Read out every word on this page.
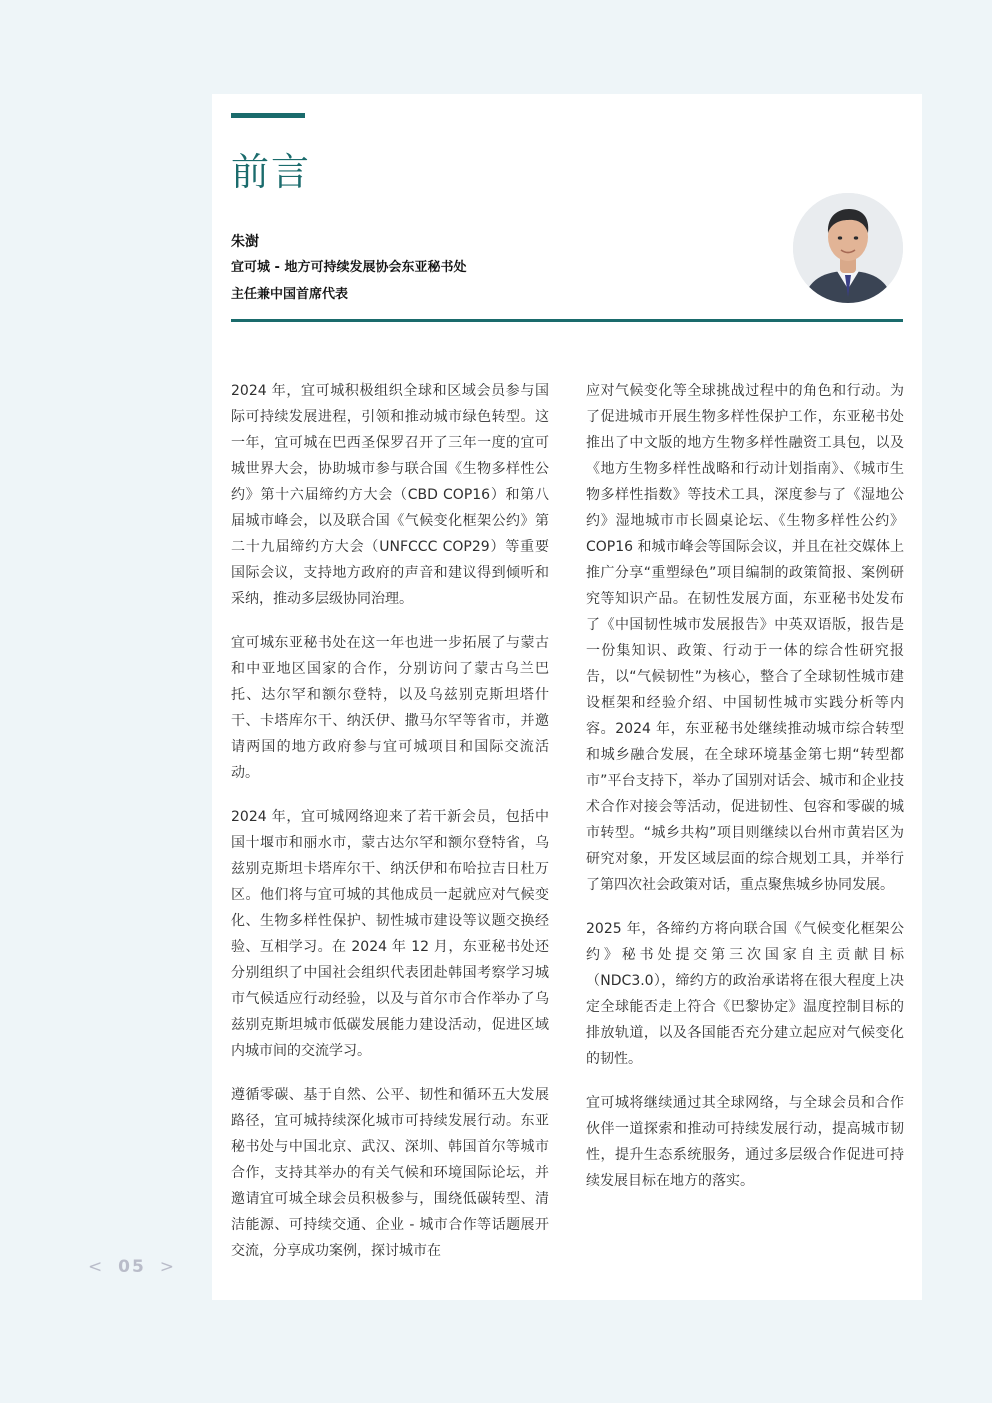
前言
朱澍
宜可城 - 地方可持续发展协会东亚秘书处
主任兼中国首席代表

2024 年，宜可城积极组织全球和区域会员参与国际可持续发展进程，引领和推动城市绿色转型。这一年，宜可城在巴西圣保罗召开了三年一度的宜可城世界大会，协助城市参与联合国《生物多样性公约》第十六届缔约方大会（CBD COP16）和第八届城市峰会，以及联合国《气候变化框架公约》第二十九届缔约方大会（UNFCCC COP29）等重要国际会议，支持地方政府的声音和建议得到倾听和采纳，推动多层级协同治理。

宜可城东亚秘书处在这一年也进一步拓展了与蒙古和中亚地区国家的合作，分别访问了蒙古乌兰巴托、达尔罕和额尔登特，以及乌兹别克斯坦塔什干、卡塔库尔干、纳沃伊、撒马尔罕等省市，并邀请两国的地方政府参与宜可城项目和国际交流活动。

2024 年，宜可城网络迎来了若干新会员，包括中国十堰市和丽水市，蒙古达尔罕和额尔登特省，乌兹别克斯坦卡塔库尔干、纳沃伊和布哈拉吉日杜万区。他们将与宜可城的其他成员一起就应对气候变化、生物多样性保护、韧性城市建设等议题交换经验、互相学习。在 2024 年 12 月，东亚秘书处还分别组织了中国社会组织代表团赴韩国考察学习城市气候适应行动经验，以及与首尔市合作举办了乌兹别克斯坦城市低碳发展能力建设活动，促进区域内城市间的交流学习。

遵循零碳、基于自然、公平、韧性和循环五大发展路径，宜可城持续深化城市可持续发展行动。东亚秘书处与中国北京、武汉、深圳、韩国首尔等城市合作，支持其举办的有关气候和环境国际论坛，并邀请宜可城全球会员积极参与，围绕低碳转型、清洁能源、可持续交通、企业 - 城市合作等话题展开交流，分享成功案例，探讨城市在

应对气候变化等全球挑战过程中的角色和行动。为了促进城市开展生物多样性保护工作，东亚秘书处推出了中文版的地方生物多样性融资工具包，以及《地方生物多样性战略和行动计划指南》、《城市生物多样性指数》等技术工具，深度参与了《湿地公约》湿地城市市长圆桌论坛、《生物多样性公约》COP16 和城市峰会等国际会议，并且在社交媒体上推广分享“重塑绿色”项目编制的政策简报、案例研究等知识产品。在韧性发展方面，东亚秘书处发布了《中国韧性城市发展报告》中英双语版，报告是一份集知识、政策、行动于一体的综合性研究报告，以“气候韧性”为核心，整合了全球韧性城市建设框架和经验介绍、中国韧性城市实践分析等内容。2024 年，东亚秘书处继续推动城市综合转型和城乡融合发展，在全球环境基金第七期“转型都市”平台支持下，举办了国别对话会、城市和企业技术合作对接会等活动，促进韧性、包容和零碳的城市转型。“城乡共构”项目则继续以台州市黄岩区为研究对象，开发区域层面的综合规划工具，并举行了第四次社会政策对话，重点聚焦城乡协同发展。

2025 年，各缔约方将向联合国《气候变化框架公约》秘书处提交第三次国家自主贡献目标（NDC3.0），缔约方的政治承诺将在很大程度上决定全球能否走上符合《巴黎协定》温度控制目标的排放轨道，以及各国能否充分建立起应对气候变化的韧性。

宜可城将继续通过其全球网络，与全球会员和合作伙伴一道探索和推动可持续发展行动，提高城市韧性，提升生态系统服务，通过多层级合作促进可持续发展目标在地方的落实。

< 05 >
